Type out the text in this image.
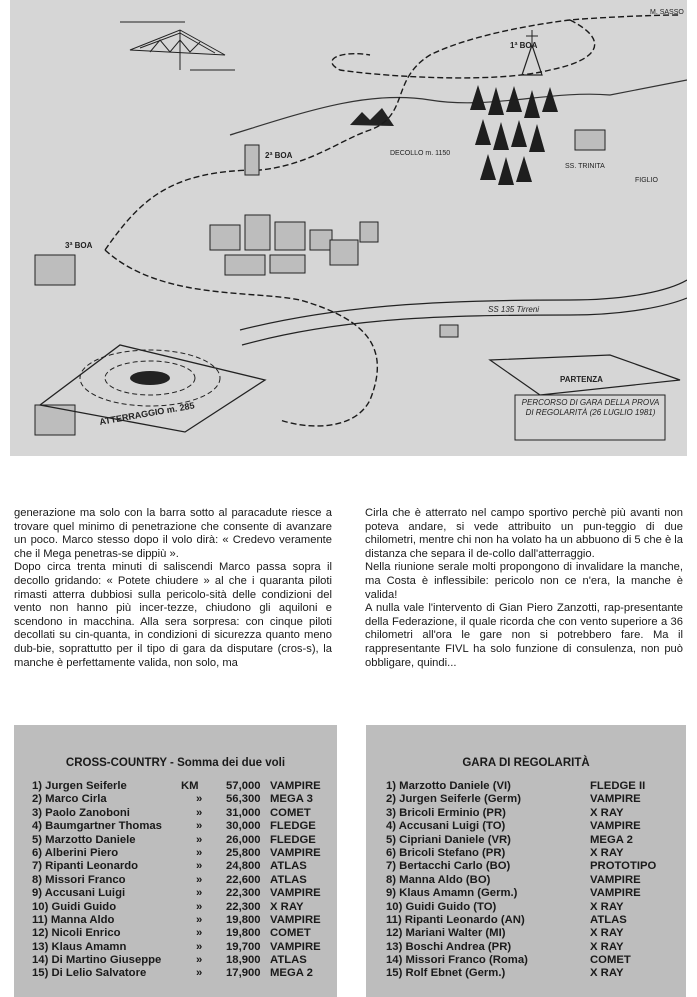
1ª BOA
2ª BOA
3ª BOA
ATTERRAGGIO m. 285
SS 135 Tirreni
PARTENZA
DECOLLO m. 1150
FIGLIO
M. SASSO
SS. TRINITA
PERCORSO DI GARA DELLA PROVA DI REGOLARITÀ (26 LUGLIO 1981)

generazione ma solo con la barra sotto al paracadute riesce a trovare quel minimo di penetrazione che consente di avanzare un poco. Marco stesso dopo il volo dirà: « Credevo veramente che il Mega penetras-se dippiù ».

Dopo circa trenta minuti di saliscendi Marco passa sopra il decollo gridando: « Potete chiudere » al che i quaranta piloti rimasti atterra dubbiosi sulla pericolo-sità delle condizioni del vento non hanno più incer-tezze, chiudono gli aquiloni e scendono in macchina. Alla sera sorpresa: con cinque piloti decollati su cin-quanta, in condizioni di sicurezza quanto meno dub-bie, soprattutto per il tipo di gara da disputare (cros-s), la manche è perfettamente valida, non solo, ma

Cirla che è atterrato nel campo sportivo perchè più avanti non poteva andare, si vede attribuito un pun-teggio di due chilometri, mentre chi non ha volato ha un abbuono di 5 che è la distanza che separa il de-collo dall'atterraggio.

Nella riunione serale molti propongono di invalidare la manche, ma Costa è inflessibile: pericolo non ce n'era, la manche è valida!

A nulla vale l'intervento di Gian Piero Zanzotti, rap-presentante della Federazione, il quale ricorda che con vento superiore a 36 chilometri all'ora le gare non si potrebbero fare. Ma il rappresentante FIVL ha solo funzione di consulenza, non può obbligare, quindi...

CROSS-COUNTRY - Somma dei due voli
1) Jurgen Seiferle	KM 57,000 VAMPIRE
2) Marco Cirla	» 56,300 MEGA 3
3) Paolo Zanoboni	» 31,000 COMET
4) Baumgartner Thomas	» 30,000 FLEDGE
5) Marzotto Daniele	» 26,000 FLEDGE
6) Alberini Piero	» 25,800 VAMPIRE
7) Ripanti Leonardo	» 24,800 ATLAS
8) Missori Franco	» 22,600 ATLAS
9) Accusani Luigi	» 22,300 VAMPIRE
10) Guidi Guido	» 22,300 X RAY
11) Manna Aldo	» 19,800 VAMPIRE
12) Nicoli Enrico	» 19,800 COMET
13) Klaus Amamn	» 19,700 VAMPIRE
14) Di Martino Giuseppe	» 18,900 ATLAS
15) Di Lelio Salvatore	» 17,900 MEGA 2
GARA DI REGOLARITÀ
1) Marzotto Daniele (VI)	FLEDGE II
2) Jurgen Seiferle (Germ)	VAMPIRE
3) Bricoli Erminio (PR)	X RAY
4) Accusani Luigi (TO)	VAMPIRE
5) Cipriani Daniele (VR)	MEGA 2
6) Bricoli Stefano (PR)	X RAY
7) Bertacchi Carlo (BO)	PROTOTIPO
8) Manna Aldo (BO)	VAMPIRE
9) Klaus Amamn (Germ.)	VAMPIRE
10) Guidi Guido (TO)	X RAY
11) Ripanti Leonardo (AN)	ATLAS
12) Mariani Walter (MI)	X RAY
13) Boschi Andrea (PR)	X RAY
14) Missori Franco (Roma)	COMET
15) Rolf Ebnet (Germ.)	X RAY
